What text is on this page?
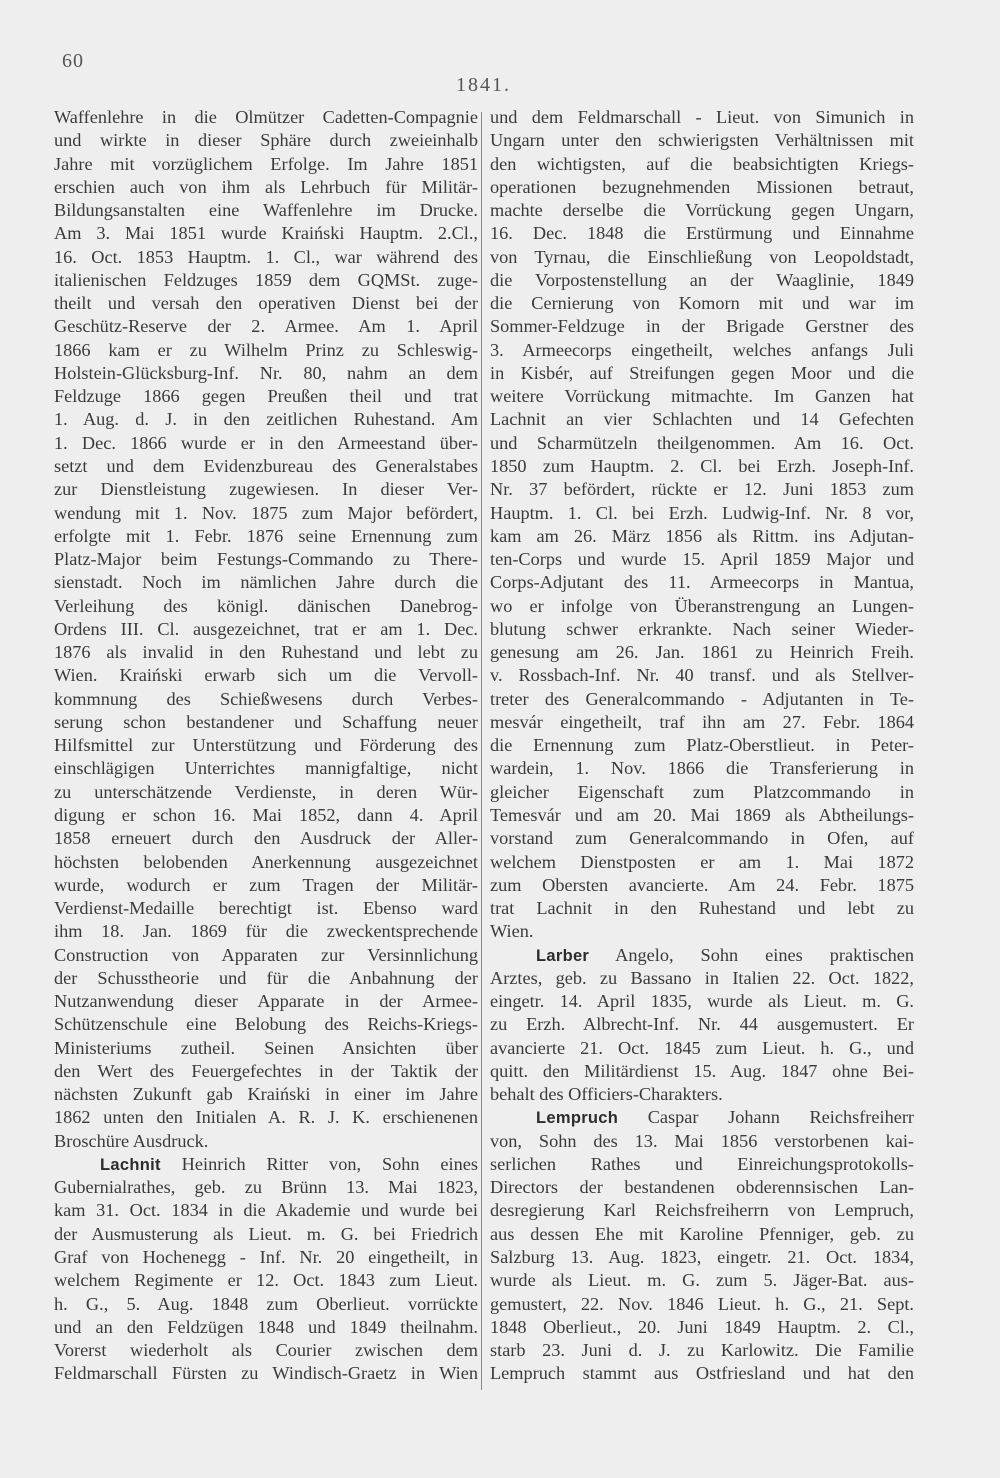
60
1841.
Waffenlehre in die Olmützer Cadetten-Compagnie
und wirkte in dieser Sphäre durch zweieinhalb
Jahre mit vorzüglichem Erfolge. Im Jahre 1851
erschien auch von ihm als Lehrbuch für Militär-
Bildungsanstalten eine Waffenlehre im Drucke.
Am 3. Mai 1851 wurde Kraiński Hauptm. 2.Cl.,
16. Oct. 1853 Hauptm. 1. Cl., war während des
italienischen Feldzuges 1859 dem GQMSt. zuge-
theilt und versah den operativen Dienst bei der
Geschütz-Reserve der 2. Armee. Am 1. April
1866 kam er zu Wilhelm Prinz zu Schleswig-
Holstein-Glücksburg-Inf. Nr. 80, nahm an dem
Feldzuge 1866 gegen Preußen theil und trat
1. Aug. d. J. in den zeitlichen Ruhestand. Am
1. Dec. 1866 wurde er in den Armeestand über-
setzt und dem Evidenzbureau des Generalstabes
zur Dienstleistung zugewiesen. In dieser Ver-
wendung mit 1. Nov. 1875 zum Major befördert,
erfolgte mit 1. Febr. 1876 seine Ernennung zum
Platz-Major beim Festungs-Commando zu There-
sienstadt. Noch im nämlichen Jahre durch die
Verleihung des königl. dänischen Danebrog-
Ordens III. Cl. ausgezeichnet, trat er am 1. Dec.
1876 als invalid in den Ruhestand und lebt zu
Wien. Kraiński erwarb sich um die Vervoll-
kommnung des Schießwesens durch Verbes-
serung schon bestandener und Schaffung neuer
Hilfsmittel zur Unterstützung und Förderung des
einschlägigen Unterrichtes mannigfaltige, nicht
zu unterschätzende Verdienste, in deren Wür-
digung er schon 16. Mai 1852, dann 4. April
1858 erneuert durch den Ausdruck der Aller-
höchsten belobenden Anerkennung ausgezeichnet
wurde, wodurch er zum Tragen der Militär-
Verdienst-Medaille berechtigt ist. Ebenso ward
ihm 18. Jan. 1869 für die zweckentsprechende
Construction von Apparaten zur Versinnlichung
der Schusstheorie und für die Anbahnung der
Nutzanwendung dieser Apparate in der Armee-
Schützenschule eine Belobung des Reichs-Kriegs-
Ministeriums zutheil. Seinen Ansichten über
den Wert des Feuergefechtes in der Taktik der
nächsten Zukunft gab Kraiński in einer im Jahre
1862 unten den Initialen A. R. J. K. erschienenen
Broschüre Ausdruck.
Lachnit Heinrich Ritter von, Sohn eines
Gubernialrathes, geb. zu Brünn 13. Mai 1823,
kam 31. Oct. 1834 in die Akademie und wurde bei
der Ausmusterung als Lieut. m. G. bei Friedrich
Graf von Hochenegg - Inf. Nr. 20 eingetheilt, in
welchem Regimente er 12. Oct. 1843 zum Lieut.
h. G., 5. Aug. 1848 zum Oberlieut. vorrückte
und an den Feldzügen 1848 und 1849 theilnahm.
Vorerst wiederholt als Courier zwischen dem
Feldmarschall Fürsten zu Windisch-Graetz in Wien
und dem Feldmarschall - Lieut. von Simunich in
Ungarn unter den schwierigsten Verhältnissen mit
den wichtigsten, auf die beabsichtigten Kriegs-
operationen bezugnehmenden Missionen betraut,
machte derselbe die Vorrückung gegen Ungarn,
16. Dec. 1848 die Erstürmung und Einnahme
von Tyrnau, die Einschließung von Leopoldstadt,
die Vorpostenstellung an der Waaglinie, 1849
die Cernierung von Komorn mit und war im
Sommer-Feldzuge in der Brigade Gerstner des
3. Armeecorps eingetheilt, welches anfangs Juli
in Kisbér, auf Streifungen gegen Moor und die
weitere Vorrückung mitmachte. Im Ganzen hat
Lachnit an vier Schlachten und 14 Gefechten
und Scharmützeln theilgenommen. Am 16. Oct.
1850 zum Hauptm. 2. Cl. bei Erzh. Joseph-Inf.
Nr. 37 befördert, rückte er 12. Juni 1853 zum
Hauptm. 1. Cl. bei Erzh. Ludwig-Inf. Nr. 8 vor,
kam am 26. März 1856 als Rittm. ins Adjutan-
ten-Corps und wurde 15. April 1859 Major und
Corps-Adjutant des 11. Armeecorps in Mantua,
wo er infolge von Überanstrengung an Lungen-
blutung schwer erkrankte. Nach seiner Wieder-
genesung am 26. Jan. 1861 zu Heinrich Freih.
v. Rossbach-Inf. Nr. 40 transf. und als Stellver-
treter des Generalcommando - Adjutanten in Te-
mesvár eingetheilt, traf ihn am 27. Febr. 1864
die Ernennung zum Platz-Oberstlieut. in Peter-
wardein, 1. Nov. 1866 die Transferierung in
gleicher Eigenschaft zum Platzcommando in
Temesvár und am 20. Mai 1869 als Abtheilungs-
vorstand zum Generalcommando in Ofen, auf
welchem Dienstposten er am 1. Mai 1872
zum Obersten avancierte. Am 24. Febr. 1875
trat Lachnit in den Ruhestand und lebt zu
Wien.
Larber Angelo, Sohn eines praktischen
Arztes, geb. zu Bassano in Italien 22. Oct. 1822,
eingetr. 14. April 1835, wurde als Lieut. m. G.
zu Erzh. Albrecht-Inf. Nr. 44 ausgemustert. Er
avancierte 21. Oct. 1845 zum Lieut. h. G., und
quitt. den Militärdienst 15. Aug. 1847 ohne Bei-
behalt des Officiers-Charakters.
Lempruch Caspar Johann Reichsfreiherr
von, Sohn des 13. Mai 1856 verstorbenen kai-
serlichen Rathes und Einreichungsprotokolls-
Directors der bestandenen obderennsischen Lan-
desregierung Karl Reichsfreiherrn von Lempruch,
aus dessen Ehe mit Karoline Pfenniger, geb. zu
Salzburg 13. Aug. 1823, eingetr. 21. Oct. 1834,
wurde als Lieut. m. G. zum 5. Jäger-Bat. aus-
gemustert, 22. Nov. 1846 Lieut. h. G., 21. Sept.
1848 Oberlieut., 20. Juni 1849 Hauptm. 2. Cl.,
starb 23. Juni d. J. zu Karlowitz. Die Familie
Lempruch stammt aus Ostfriesland und hat den
